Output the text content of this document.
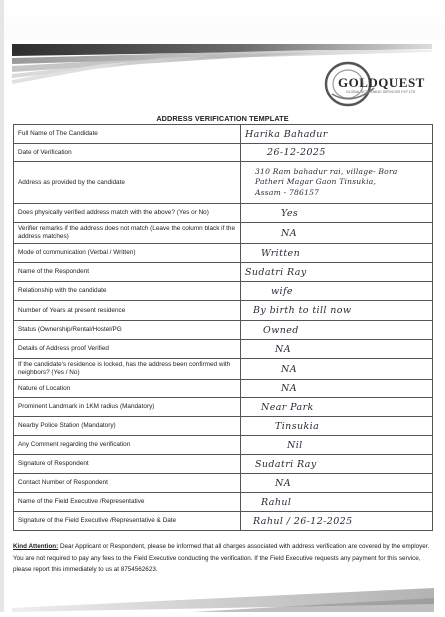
GOLDQUEST
GLOBAL SCREENING SERVICES PVT LTD
ADDRESS VERIFICATION TEMPLATE
Full Name of The Candidate	Harika Bahadur
Date of Verification	26-12-2025
Address as provided by the candidate	310 Ram bahadur rai, village- Bora
Patheri Magar Gaon Tinsukia,
Assam - 786157

Does physically verified address match with the above? (Yes or No)	Yes
Verifier remarks if the address does not match (Leave the column black if the address matches)	NA
Mode of communication (Verbal / Written)	Written
Name of the Respondent	Sudatri Ray
Relationship with the candidate	wife
Number of Years at present residence	By birth to till now
Status (Ownership/Rental/Hostel/PG	Owned
Details of Address proof Verified	NA
If the candidate's residence is locked, has the address been confirmed with neighbors? (Yes / No)	NA
Nature of Location	NA
Prominent Landmark in 1KM radius (Mandatory)	Near Park
Nearby Police Station (Mandatory)	Tinsukia
Any Comment regarding the verification	Nil
Signature of Respondent	Sudatri Ray
Contact Number of Respondent	NA
Name of the Field Executive /Representative	Rahul
Signature of the Field Executive /Representative & Date	Rahul / 26-12-2025
Kind Attention: Dear Applicant or Respondent, please be informed that all charges associated with address verification are covered by the employer. You are not required to pay any fees to the Field Executive conducting the verification. If the Field Executive requests any payment for this service, please report this immediately to us at 8754562623.
